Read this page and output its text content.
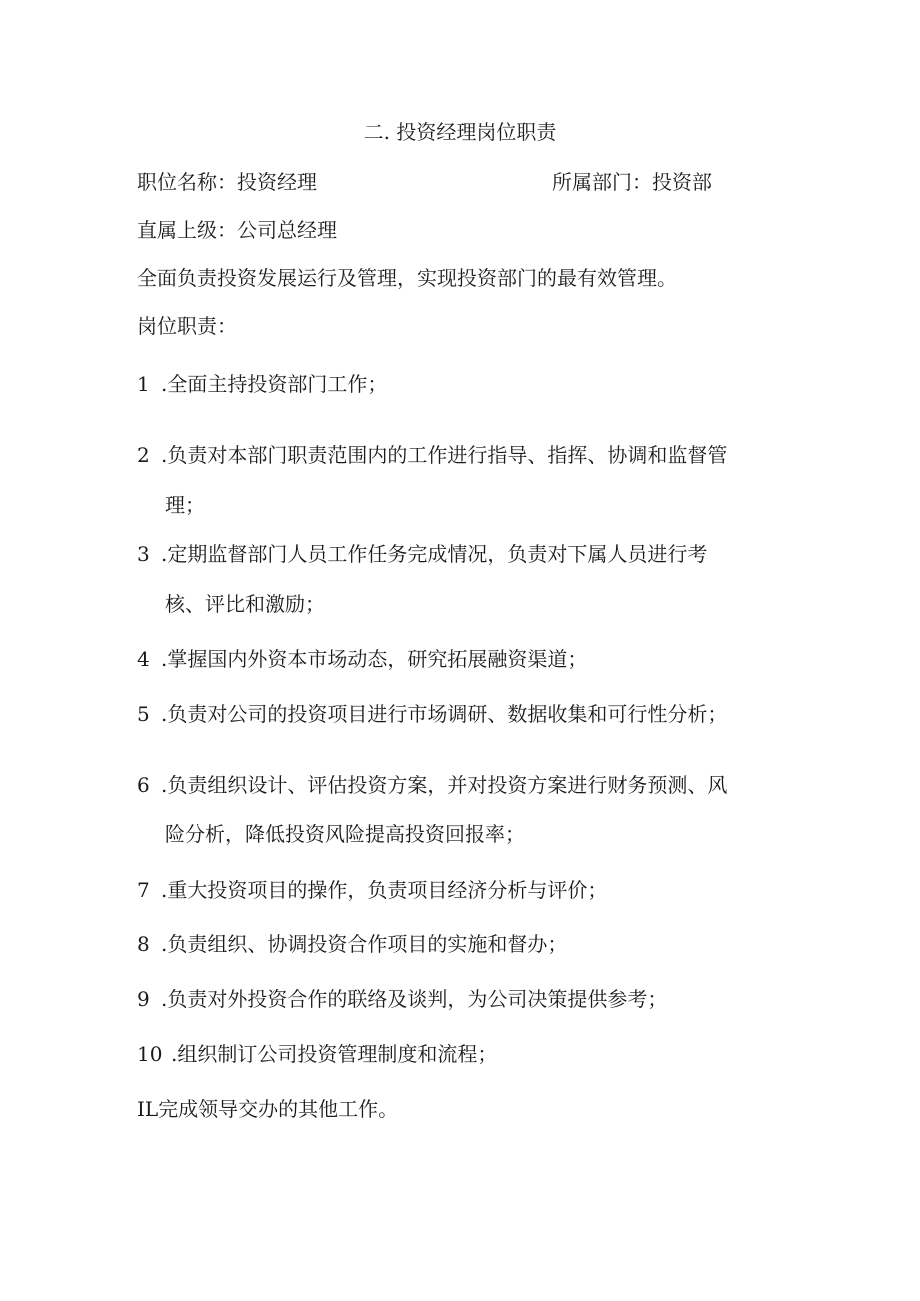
二. 投资经理岗位职责
职位名称：投资经理	所属部门：投资部
直属上级：公司总经理
全面负责投资发展运行及管理，实现投资部门的最有效管理。
岗位职责：
1 .全面主持投资部门工作；
2 .负责对本部门职责范围内的工作进行指导、指挥、协调和监督管
理；
3 .定期监督部门人员工作任务完成情况，负责对下属人员进行考
核、评比和激励；
4 .掌握国内外资本市场动态，研究拓展融资渠道；
5 .负责对公司的投资项目进行市场调研、数据收集和可行性分析；
6 .负责组织设计、评估投资方案，并对投资方案进行财务预测、风
险分析，降低投资风险提高投资回报率；
7 .重大投资项目的操作，负责项目经济分析与评价；
8 .负责组织、协调投资合作项目的实施和督办；
9 .负责对外投资合作的联络及谈判，为公司决策提供参考；
10 .组织制订公司投资管理制度和流程；
IL完成领导交办的其他工作。
